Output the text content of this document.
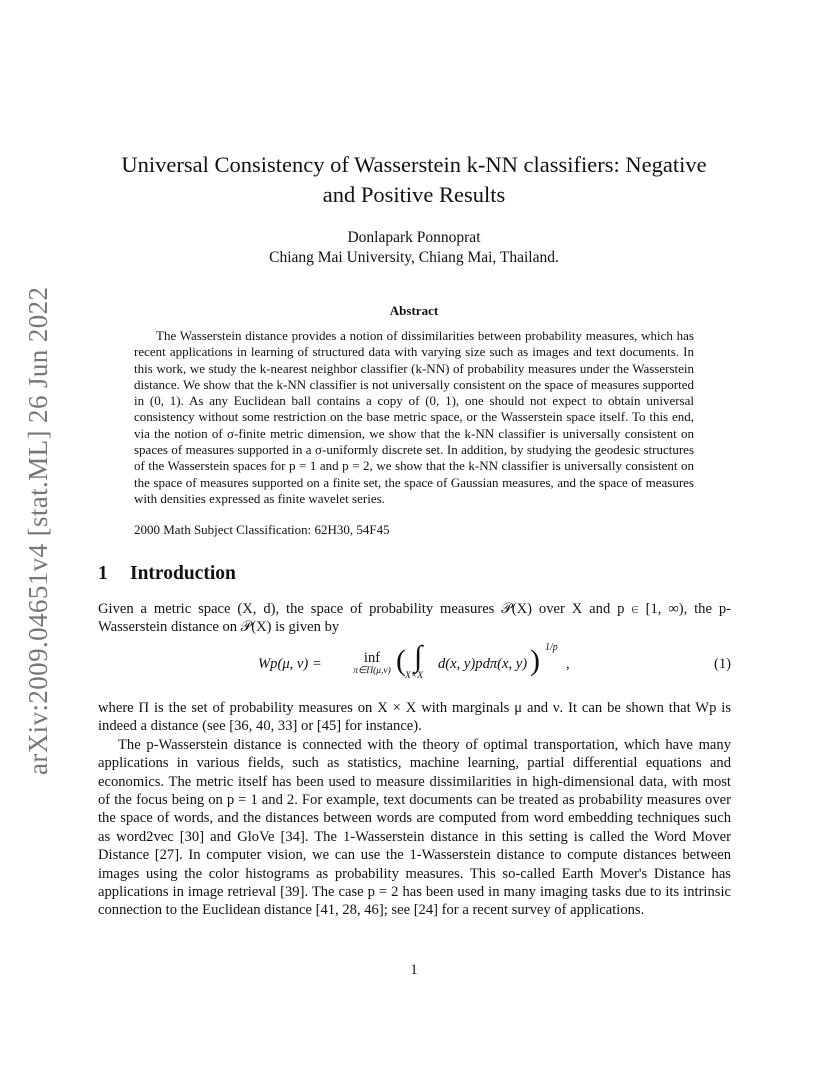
arXiv:2009.04651v4 [stat.ML] 26 Jun 2022
Universal Consistency of Wasserstein k-NN classifiers: Negative
and Positive Results
Donlapark Ponnoprat
Chiang Mai University, Chiang Mai, Thailand.
Abstract

The Wasserstein distance provides a notion of dissimilarities between probability measures, which has recent applications in learning of structured data with varying size such as images and text documents. In this work, we study the k-nearest neighbor classifier (k-NN) of probability measures under the Wasserstein distance. We show that the k-NN classifier is not universally consistent on the space of measures supported in (0, 1). As any Euclidean ball contains a copy of (0, 1), one should not expect to obtain universal consistency without some restriction on the base metric space, or the Wasserstein space itself. To this end, via the notion of σ-finite metric dimension, we show that the k-NN classifier is universally consistent on spaces of measures supported in a σ-uniformly discrete set. In addition, by studying the geodesic structures of the Wasserstein spaces for p = 1 and p = 2, we show that the k-NN classifier is universally consistent on the space of measures supported on a finite set, the space of Gaussian measures, and the space of measures with densities expressed as finite wavelet series.

2000 Math Subject Classification: 62H30, 54F45
1 Introduction

Given a metric space (X, d), the space of probability measures 𝒫(X) over X and p ∈ [1, ∞), the p-Wasserstein distance on 𝒫(X) is given by

Wp(μ, ν) =	inf
π∈Π(μ,ν) ( ∫
X×X
d(x, y)pdπ(x, y) ) 1/p
,	(1)

where Π is the set of probability measures on X × X with marginals μ and ν. It can be shown that Wp is indeed a distance (see [36, 40, 33] or [45] for instance).

The p-Wasserstein distance is connected with the theory of optimal transportation, which have many applications in various fields, such as statistics, machine learning, partial differential equations and economics. The metric itself has been used to measure dissimilarities in high-dimensional data, with most of the focus being on p = 1 and 2. For example, text documents can be treated as probability measures over the space of words, and the distances between words are computed from word embedding techniques such as word2vec [30] and GloVe [34]. The 1-Wasserstein distance in this setting is called the Word Mover Distance [27]. In computer vision, we can use the 1-Wasserstein distance to compute distances between images using the color histograms as probability measures. This so-called Earth Mover's Distance has applications in image retrieval [39]. The case p = 2 has been used in many imaging tasks due to its intrinsic connection to the Euclidean distance [41, 28, 46]; see [24] for a recent survey of applications.

1
